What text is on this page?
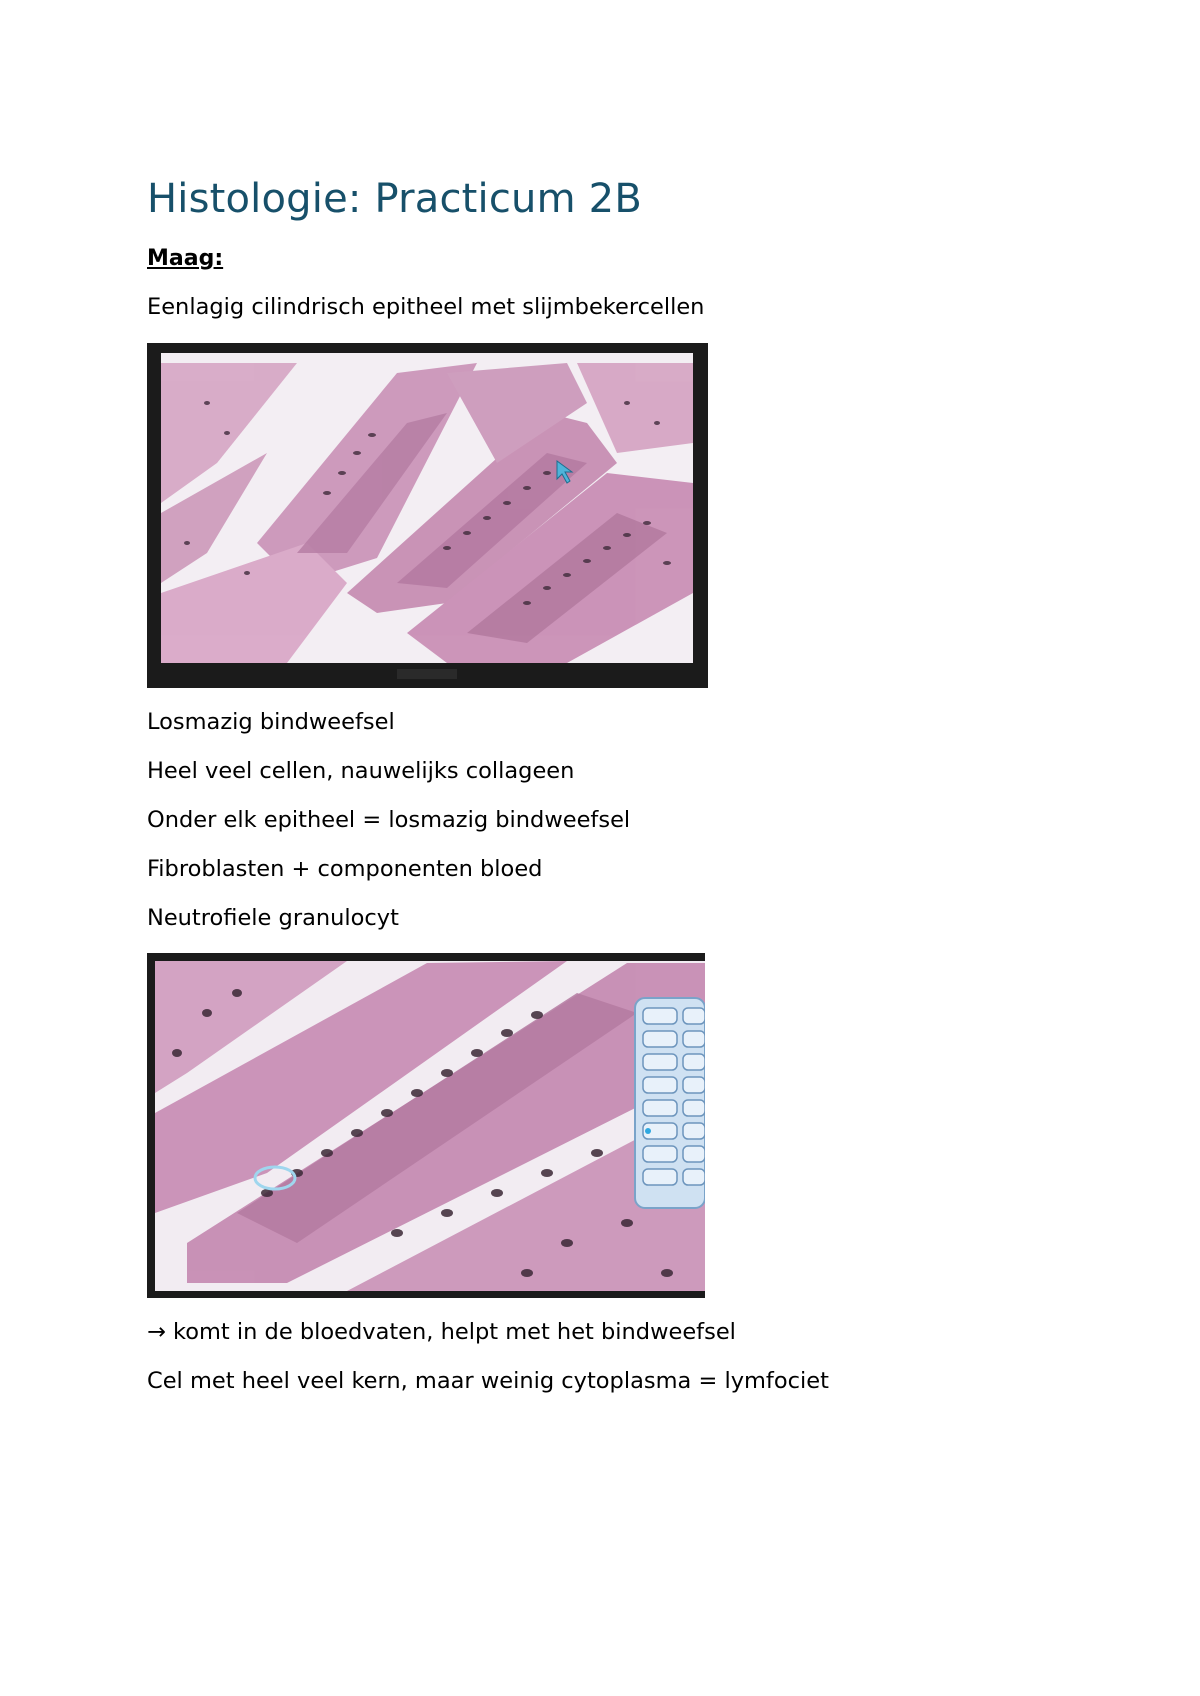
Histologie: Practicum 2B
Maag:

Eenlagig cilindrisch epitheel met slijmbekercellen

Losmazig bindweefsel

Heel veel cellen, nauwelijks collageen

Onder elk epitheel = losmazig bindweefsel

Fibroblasten + componenten bloed

Neutrofiele granulocyt

→ komt in de bloedvaten, helpt met het bindweefsel

Cel met heel veel kern, maar weinig cytoplasma = lymfociet
